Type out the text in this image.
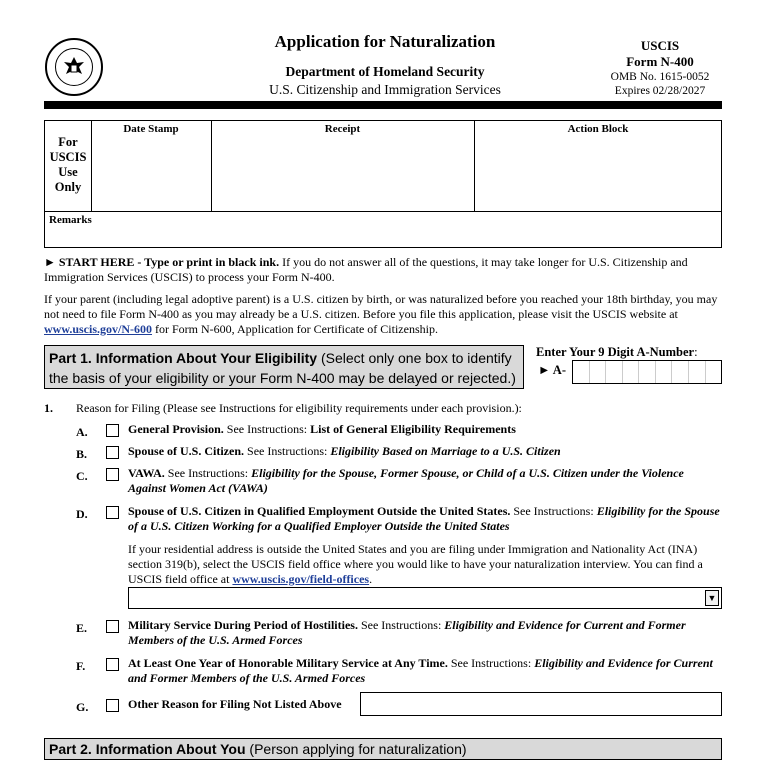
Application for Naturalization
Department of Homeland Security
U.S. Citizenship and Immigration Services
USCIS
Form N-400
OMB No. 1615-0052
Expires 02/28/2027
For
USCIS
Use
Only
Date Stamp	Receipt	Action Block
Remarks
► START HERE - Type or print in black ink. If you do not answer all of the questions, it may take longer for U.S. Citizenship and Immigration Services (USCIS) to process your Form N-400.
If your parent (including legal adoptive parent) is a U.S. citizen by birth, or was naturalized before you reached your 18th birthday, you may not need to file Form N-400 as you may already be a U.S. citizen. Before you file this application, please visit the USCIS website at www.uscis.gov/N-600 for Form N-600, Application for Certificate of Citizenship.
Part 1. Information About Your Eligibility (Select only one box to identify the basis of your eligibility or your Form N-400 may be delayed or rejected.)
Enter Your 9 Digit A-Number:
► A-
1. Reason for Filing (Please see Instructions for eligibility requirements under each provision.):
A.	General Provision. See Instructions: List of General Eligibility Requirements
B.	Spouse of U.S. Citizen. See Instructions: Eligibility Based on Marriage to a U.S. Citizen
C.	VAWA. See Instructions: Eligibility for the Spouse, Former Spouse, or Child of a U.S. Citizen under the Violence Against Women Act (VAWA)
D.	Spouse of U.S. Citizen in Qualified Employment Outside the United States. See Instructions: Eligibility for the Spouse of a U.S. Citizen Working for a Qualified Employer Outside the United States
If your residential address is outside the United States and you are filing under Immigration and Nationality Act (INA) section 319(b), select the USCIS field office where you would like to have your naturalization interview. You can find a USCIS field office at www.uscis.gov/field-offices.
▼
E.	Military Service During Period of Hostilities. See Instructions: Eligibility and Evidence for Current and Former Members of the U.S. Armed Forces
F.	At Least One Year of Honorable Military Service at Any Time. See Instructions: Eligibility and Evidence for Current and Former Members of the U.S. Armed Forces
G.	Other Reason for Filing Not Listed Above
Part 2. Information About You (Person applying for naturalization)
